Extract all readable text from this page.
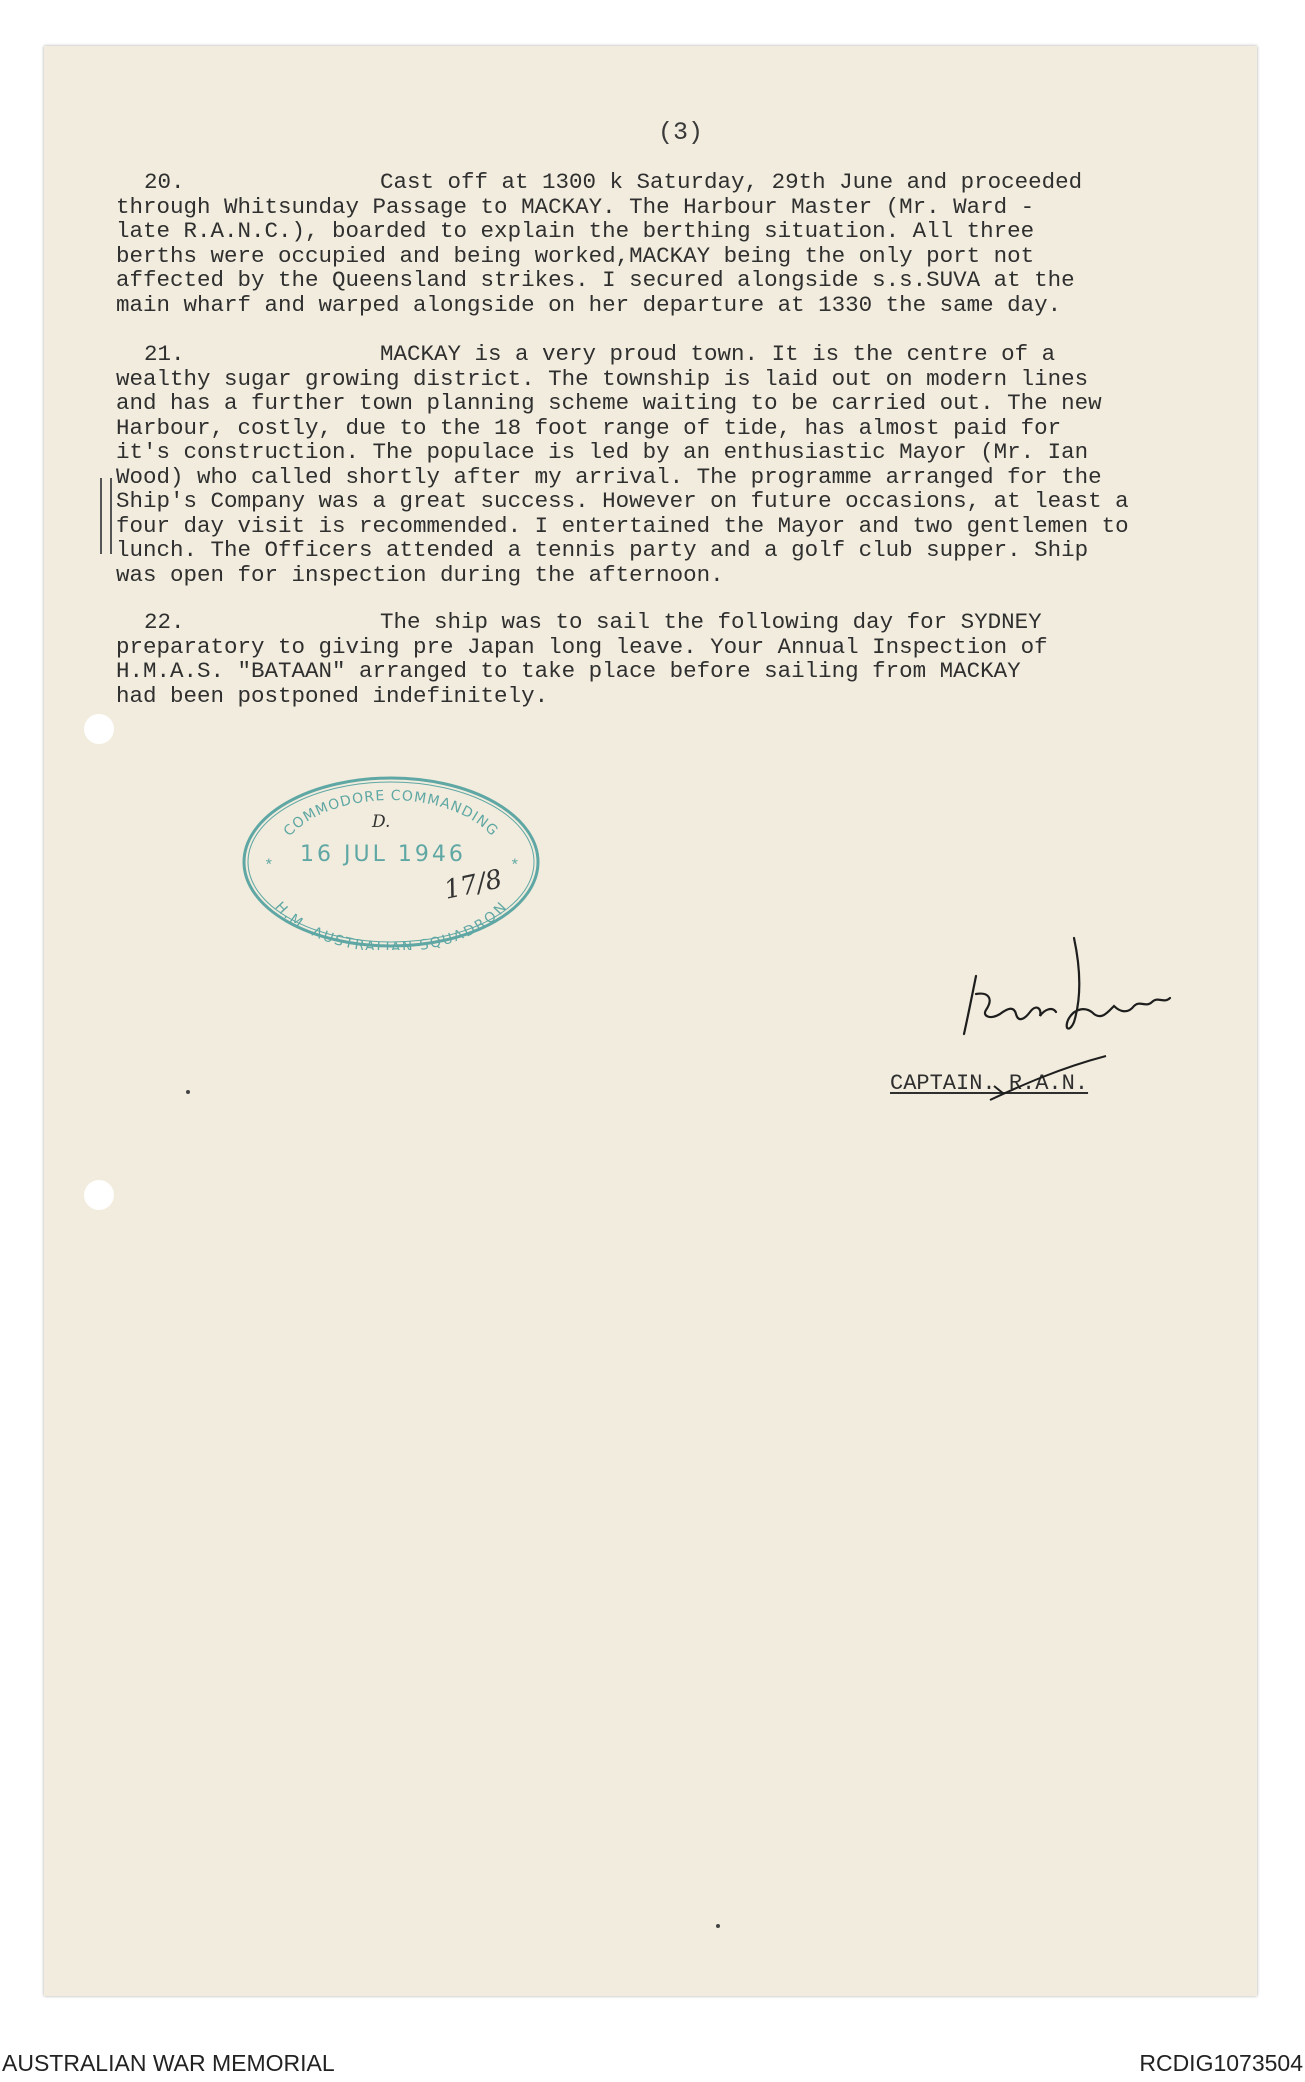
(3)

20.	Cast off at 1300 k Saturday, 29th June and proceeded
through Whitsunday Passage to MACKAY. The Harbour Master (Mr. Ward -
late R.A.N.C.), boarded to explain the berthing situation. All three
berths were occupied and being worked,MACKAY being the only port not
affected by the Queensland strikes. I secured alongside s.s.SUVA at the
main wharf and warped alongside on her departure at 1330 the same day.

21.	MACKAY is a very proud town. It is the centre of a
wealthy sugar growing district. The township is laid out on modern lines
and has a further town planning scheme waiting to be carried out. The new
Harbour, costly, due to the 18 foot range of tide, has almost paid for
it's construction. The populace is led by an enthusiastic Mayor (Mr. Ian
Wood) who called shortly after my arrival. The programme arranged for the
Ship's Company was a great success. However on future occasions, at least a
four day visit is recommended. I entertained the Mayor and two gentlemen to
lunch. The Officers attended a tennis party and a golf club supper. Ship
was open for inspection during the afternoon.

22.	The ship was to sail the following day for SYDNEY
preparatory to giving pre Japan long leave. Your Annual Inspection of
H.M.A.S. "BATAAN" arranged to take place before sailing from MACKAY
had been postponed indefinitely.

COMMODORE COMMANDING
H.M. AUSTRALIAN SQUADRON
*	*
16 JUL 1946
D.
17/8
CAPTAIN. R.A.N.
AUSTRALIAN WAR MEMORIAL	RCDIG1073504
